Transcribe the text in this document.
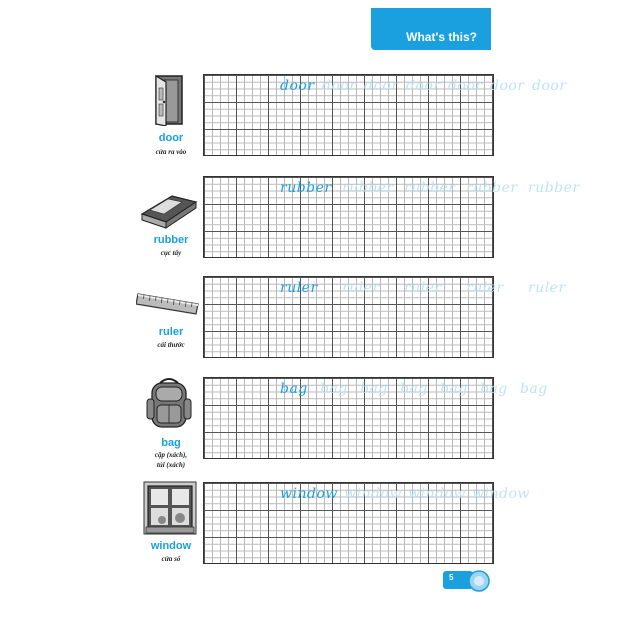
What's this?
door
cửa ra vào
door door door door door door door
rubber
cục tẩy
rubber rubber rubber rubber rubber
ruler
cái thước
ruler ruler ruler ruler ruler
bag
cặp (xách),
túi (xách)
bag bag bag bag bag bag bag
window
cửa sổ
window window window window
5
